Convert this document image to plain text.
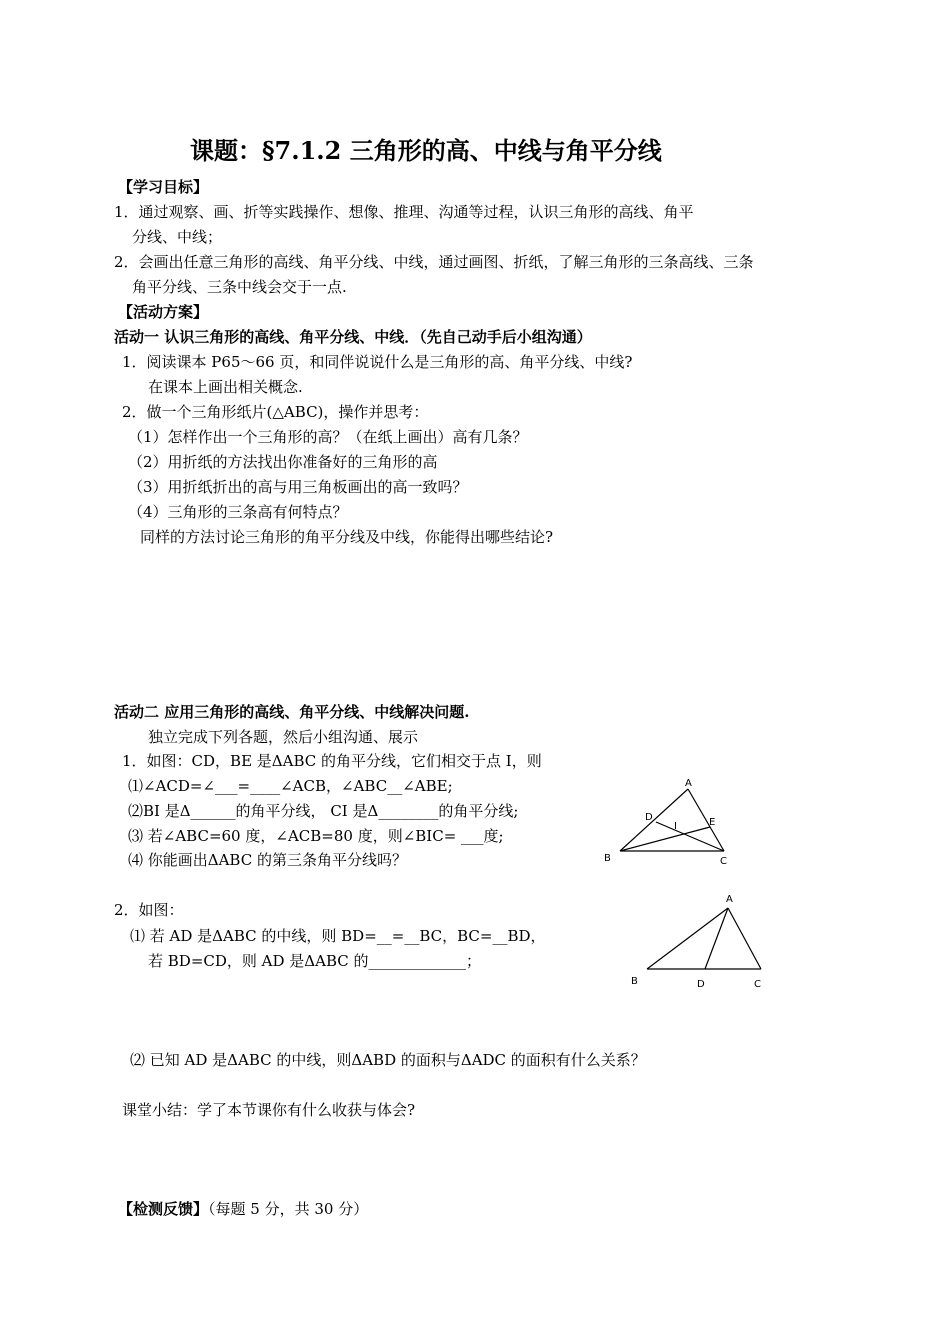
课题：§7.1.2 三角形的高、中线与角平分线
【学习目标】
1．通过观察、画、折等实践操作、想像、推理、沟通等过程，认识三角形的高线、角平
分线、中线；
2．会画出任意三角形的高线、角平分线、中线，通过画图、折纸，了解三角形的三条高线、三条
角平分线、三条中线会交于一点.
【活动方案】
活动一 认识三角形的高线、角平分线、中线．（先自己动手后小组沟通）
1．阅读课本 P65～66 页，和同伴说说什么是三角形的高、角平分线、中线?
在课本上画出相关概念.
2．做一个三角形纸片(△ABC)，操作并思考：
（1）怎样作出一个三角形的高？（在纸上画出）高有几条？
（2）用折纸的方法找出你准备好的三角形的高
（3）用折纸折出的高与用三角板画出的高一致吗？
（4）三角形的三条高有何特点？
同样的方法讨论三角形的角平分线及中线，你能得出哪些结论?
活动二 应用三角形的高线、角平分线、中线解决问题.
独立完成下列各题，然后小组沟通、展示
1．如图：CD，BE 是ΔABC 的角平分线，它们相交于点 I，则
⑴∠ACD=∠___=____∠ACB，∠ABC__∠ABE;
⑵BI 是Δ______的角平分线， CI 是Δ________的角平分线;
⑶ 若∠ABC=60 度，∠ACB=80 度，则∠BIC= ___度;
⑷ 你能画出ΔABC 的第三条角平分线吗？
2．如图：
⑴ 若 AD 是ΔABC 的中线，则 BD=__=__BC，BC=__BD，
若 BD=CD，则 AD 是ΔABC 的_____________；
⑵ 已知 AD 是ΔABC 的中线，则ΔABD 的面积与ΔADC 的面积有什么关系？
课堂小结：学了本节课你有什么收获与体会?
【检测反馈】（每题 5 分，共 30 分）
A
B	C
D	E
I
A
B	D	C
